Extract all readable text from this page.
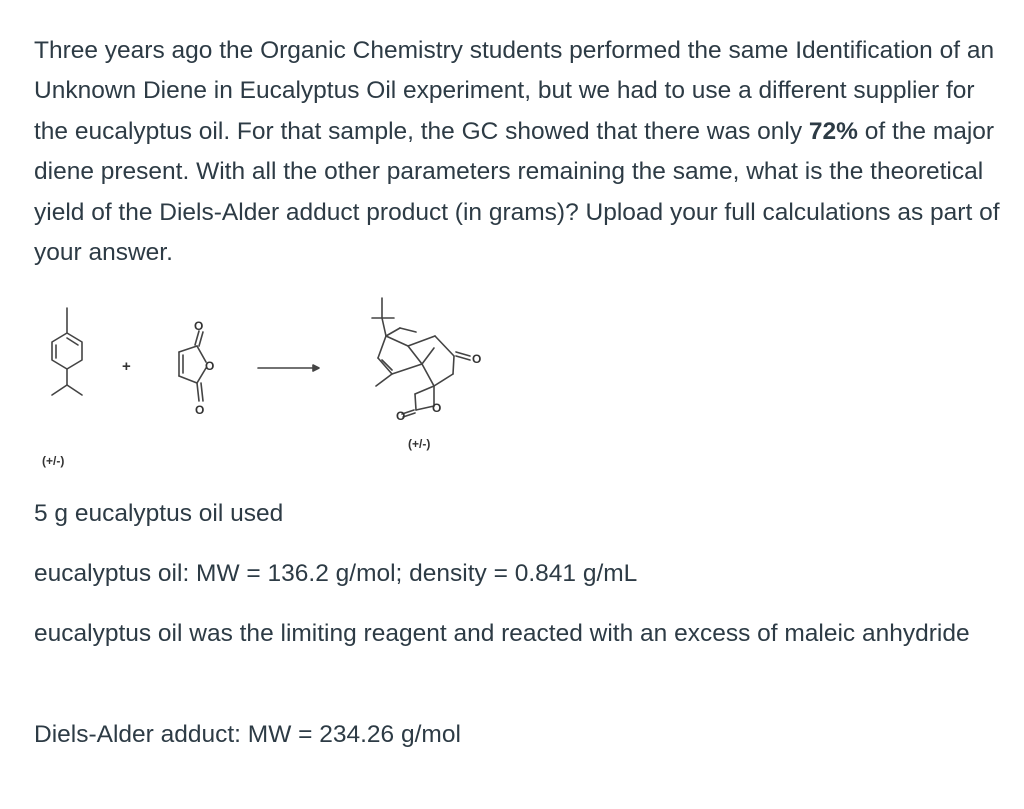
Three years ago the Organic Chemistry students performed the same Identification of an Unknown Diene in Eucalyptus Oil experiment, but we had to use a different supplier for the eucalyptus oil. For that sample, the GC showed that there was only 72% of the major diene present. With all the other parameters remaining the same, what is the theoretical yield of the Diels-Alder adduct product (in grams)? Upload your full calculations as part of your answer.

+
O
O
O
O
O
O
(+/-)
(+/-)

5 g eucalyptus oil used

eucalyptus oil: MW = 136.2 g/mol; density = 0.841 g/mL

eucalyptus oil was the limiting reagent and reacted with an excess of maleic anhydride

Diels-Alder adduct: MW = 234.26 g/mol
